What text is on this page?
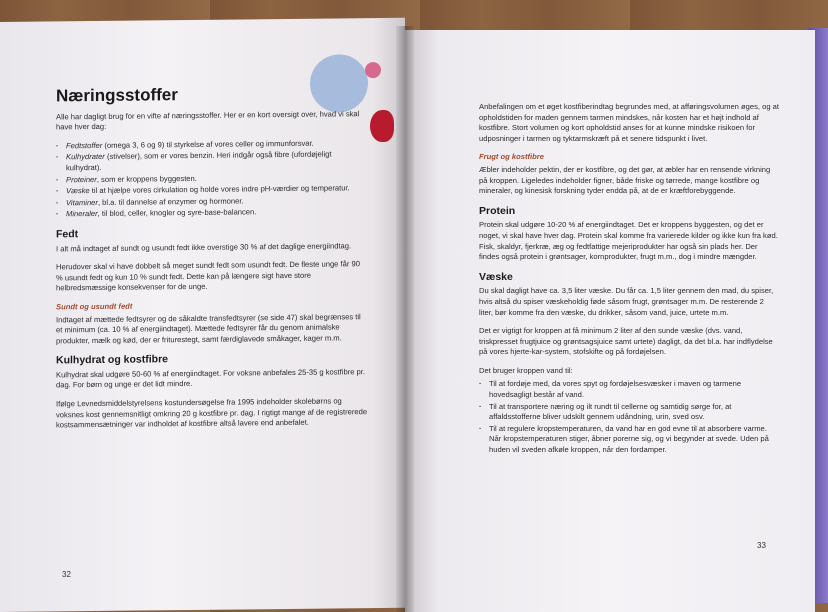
Næringsstoffer

Alle har dagligt brug for en vifte af næringsstoffer. Her er en kort oversigt over, hvad vi skal have hver dag:

· Fedtstoffer (omega 3, 6 og 9) til styrkelse af vores celler og immunforsvar.
· Kulhydrater (stivelser), som er vores benzin. Heri indgår også fibre (ufordøjeligt kulhydrat).
· Proteiner, som er kroppens byggesten.
· Væske til at hjælpe vores cirkulation og holde vores indre pH-værdier og temperatur.
· Vitaminer, bl.a. til dannelse af enzymer og hormoner.
· Mineraler, til blod, celler, knogler og syre-base-balancen.
Fedt

I alt må indtaget af sundt og usundt fedt ikke overstige 30 % af det daglige energiindtag.

Herudover skal vi have dobbelt så meget sundt fedt som usundt fedt. De fleste unge får 90 % usundt fedt og kun 10 % sundt fedt. Dette kan på længere sigt have store helbredsmæssige konsekvenser for de unge.

Sundt og usundt fedt

Indtaget af mættede fedtsyrer og de såkaldte transfedtsyrer (se side 47) skal begrænses til et minimum (ca. 10 % af energiindtaget). Mættede fedtsyrer får du genom animalske produkter, mælk og kød, der er friturestegt, samt færdiglavede småkager, kager m.m.

Kulhydrat og kostfibre

Kulhydrat skal udgøre 50-60 % af energiindtaget. For voksne anbefales 25-35 g kostfibre pr. dag. For børn og unge er det lidt mindre.

Ifølge Levnedsmiddelstyrelsens kostundersøgelse fra 1995 indeholder skolebørns og voksnes kost gennemsnitligt omkring 20 g kostfibre pr. dag. I rigtigt mange af de registrerede kostsammensætninger var indholdet af kostfibre altså lavere end anbefalet.

Anbefalingen om et øget kostfiberindtag begrundes med, at afføringsvolumen øges, og at opholdstiden for maden gennem tarmen mindskes, når kosten har et højt indhold af kostfibre. Stort volumen og kort opholdstid anses for at kunne mindske risikoen for udposninger i tarmen og tyktarmskræft på et senere tidspunkt i livet.

Frugt og kostfibre

Æbler indeholder pektin, der er kostfibre, og det gør, at æbler har en rensende virkning på kroppen. Ligeledes indeholder figner, både friske og tørrede, mange kostfibre og mineraler, og kinesisk forskning tyder endda på, at de er kræftforebyggende.

Protein

Protein skal udgøre 10-20 % af energiindtaget. Det er kroppens byggesten, og det er noget, vi skal have hver dag. Protein skal komme fra varierede kilder og ikke kun fra kød. Fisk, skaldyr, fjerkræ, æg og fedtfattige mejeriprodukter har også sin plads her. Der findes også protein i grøntsager, kornprodukter, frugt m.m., dog i mindre mængder.

Væske

Du skal dagligt have ca. 3,5 liter væske. Du får ca. 1,5 liter gennem den mad, du spiser, hvis altså du spiser væskeholdig føde såsom frugt, grøntsager m.m. De resterende 2 liter, bør komme fra den væske, du drikker, såsom vand, juice, urtete m.m.

Det er vigtigt for kroppen at få minimum 2 liter af den sunde væske (dvs. vand, triskpresset frugtjuice og grøntsagsjuice samt urtete) dagligt, da det bl.a. har indflydelse på vores hjerte-kar-system, stofskifte og på fordøjelsen.

Det bruger kroppen vand til:

· Til at fordøje med, da vores spyt og fordøjelsesvæsker i maven og tarmene hovedsagligt består af vand.
· Til at transportere næring og ilt rundt til cellerne og samtidig sørge for, at affaldsstofferne bliver udskilt gennem udåndning, urin, sved osv.
· Til at regulere kropstemperaturen, da vand har en god evne til at absorbere varme. Når kropstemperaturen stiger, åbner porerne sig, og vi begynder at svede. Uden på huden vil sveden afkøle kroppen, når den fordamper.
32
33
